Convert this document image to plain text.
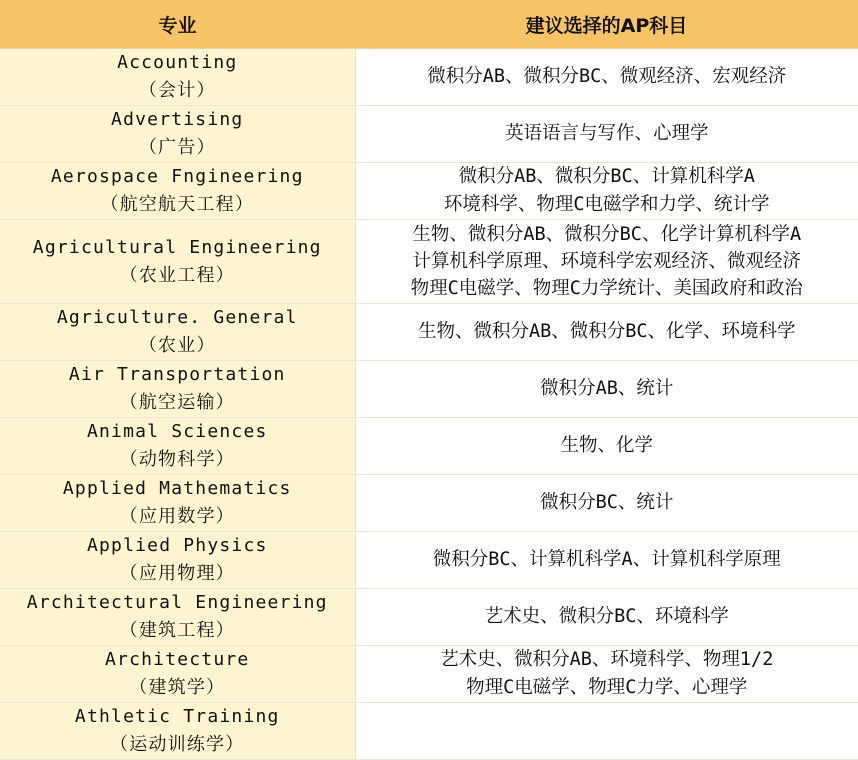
专业	建议选择的AP科目

Accounting
（会计）	微积分AB、微积分BC、微观经济、宏观经济

Advertising
（广告）	英语语言与写作、心理学

Aerospace Fngineering
（航空航天工程）	微积分AB、微积分BC、计算机科学A
环境科学、物理C电磁学和力学、统计学

Agricultural Engineering
（农业工程）	生物、微积分AB、微积分BC、化学计算机科学A
计算机科学原理、环境科学宏观经济、微观经济
物理C电磁学、物理C力学统计、美国政府和政治

Agriculture. General
（农业）	生物、微积分AB、微积分BC、化学、环境科学

Air Transportation
（航空运输）	微积分AB、统计

Animal Sciences
（动物科学）	生物、化学

Applied Mathematics
（应用数学）	微积分BC、统计

Applied Physics
（应用物理）	微积分BC、计算机科学A、计算机科学原理

Architectural Engineering
（建筑工程）	艺术史、微积分BC、环境科学

Architecture
（建筑学）	艺术史、微积分AB、环境科学、物理1/2
物理C电磁学、物理C力学、心理学

Athletic Training
（运动训练学）	
